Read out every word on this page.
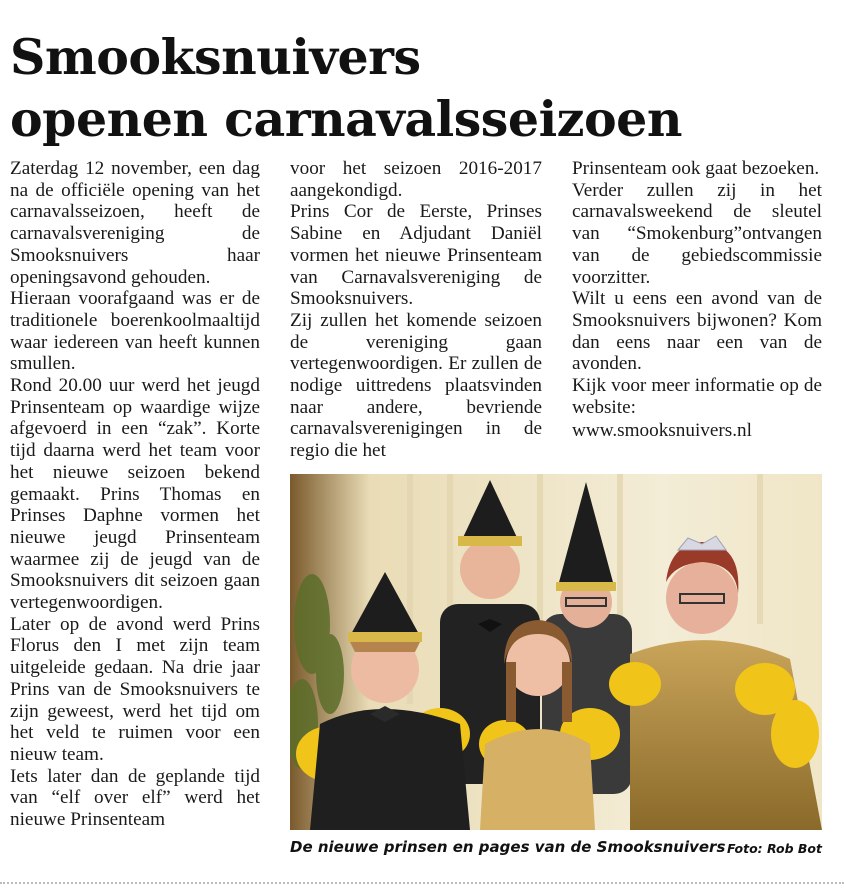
Smooksnuivers
openen carnavalsseizoen

Zaterdag 12 november, een dag na de officiële opening van het carnavalsseizoen, heeft de carnavalsvereniging de Smooksnuivers haar openingsavond gehouden.

Hieraan voorafgaand was er de traditionele boerenkoolmaaltijd waar iedereen van heeft kunnen smullen.

Rond 20.00 uur werd het jeugd Prinsenteam op waardige wijze afgevoerd in een “zak”. Korte tijd daarna werd het team voor het nieuwe seizoen bekend gemaakt. Prins Thomas en Prinses Daphne vormen het nieuwe jeugd Prinsenteam waarmee zij de jeugd van de Smooksnuivers dit seizoen gaan vertegenwoordigen.

Later op de avond werd Prins Florus den I met zijn team uitgeleide gedaan. Na drie jaar Prins van de Smooksnuivers te zijn geweest, werd het tijd om het veld te ruimen voor een nieuw team.

Iets later dan de geplande tijd van “elf over elf” werd het nieuwe Prinsenteam

voor het seizoen 2016-2017 aangekondigd.

Prins Cor de Eerste, Prinses Sabine en Adjudant Daniël vormen het nieuwe Prinsenteam van Carnavalsvereniging de Smooksnuivers.

Zij zullen het komende seizoen de vereniging gaan vertegenwoordigen. Er zullen de nodige uittredens plaatsvinden naar andere, bevriende carnavalsverenigingen in de regio die het

Prinsenteam ook gaat bezoeken.

Verder zullen zij in het carnavalsweekend de sleutel van “Smokenburg”ontvangen van de gebiedscommissie voorzitter.

Wilt u eens een avond van de Smooksnuivers bijwonen? Kom dan eens naar een van de avonden.

Kijk voor meer informatie op de website:

www.smooksnuivers.nl

De nieuwe prinsen en pages van de Smooksnuivers Foto: Rob Bot
